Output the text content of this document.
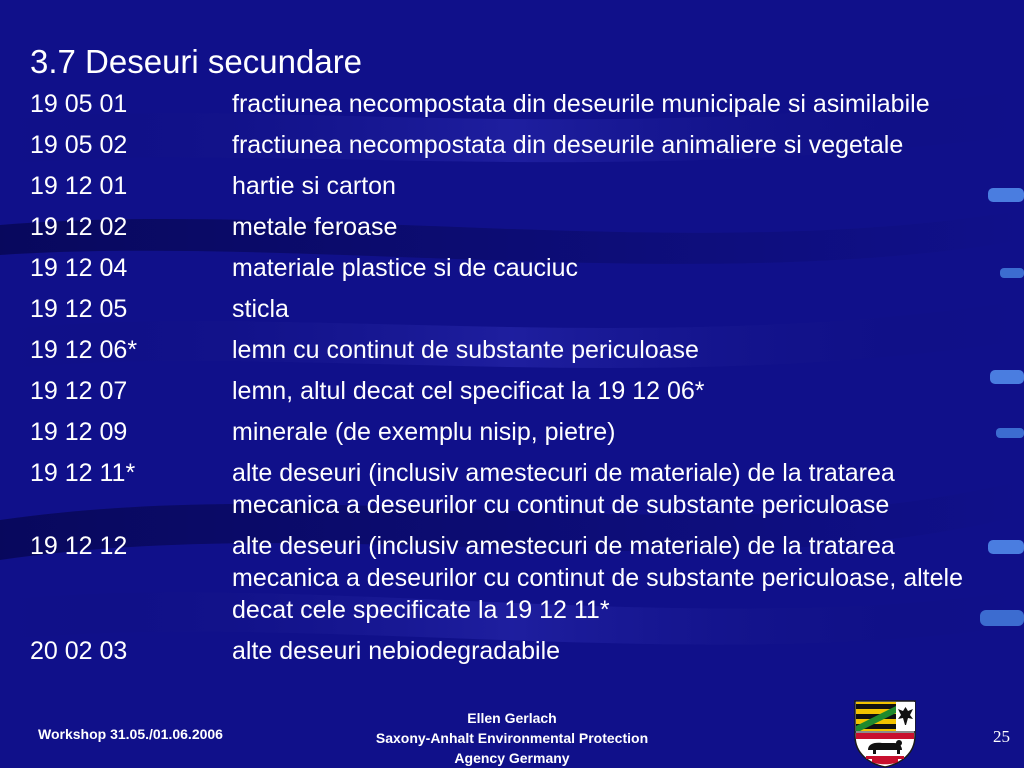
3.7 Deseuri secundare
19 05 01	fractiunea necompostata din deseurile municipale si asimilabile
19 05 02	fractiunea necompostata din deseurile animaliere si vegetale
19 12 01	hartie si carton
19 12 02	metale feroase
19 12 04	materiale plastice si de cauciuc
19 12 05	sticla
19 12 06*	lemn cu continut de substante periculoase
19 12 07	lemn, altul decat cel specificat la 19 12 06*
19 12 09	minerale (de exemplu nisip, pietre)
19 12 11*	alte deseuri (inclusiv amestecuri de materiale) de la tratarea mecanica a deseurilor cu continut de substante periculoase
19 12 12	alte deseuri (inclusiv amestecuri de materiale) de la tratarea mecanica a deseurilor cu continut de substante periculoase, altele decat cele specificate la 19 12 11*
20 02 03	alte deseuri nebiodegradabile
Workshop 31.05./01.06.2006
Ellen Gerlach
Saxony-Anhalt Environmental Protection
Agency Germany
25
